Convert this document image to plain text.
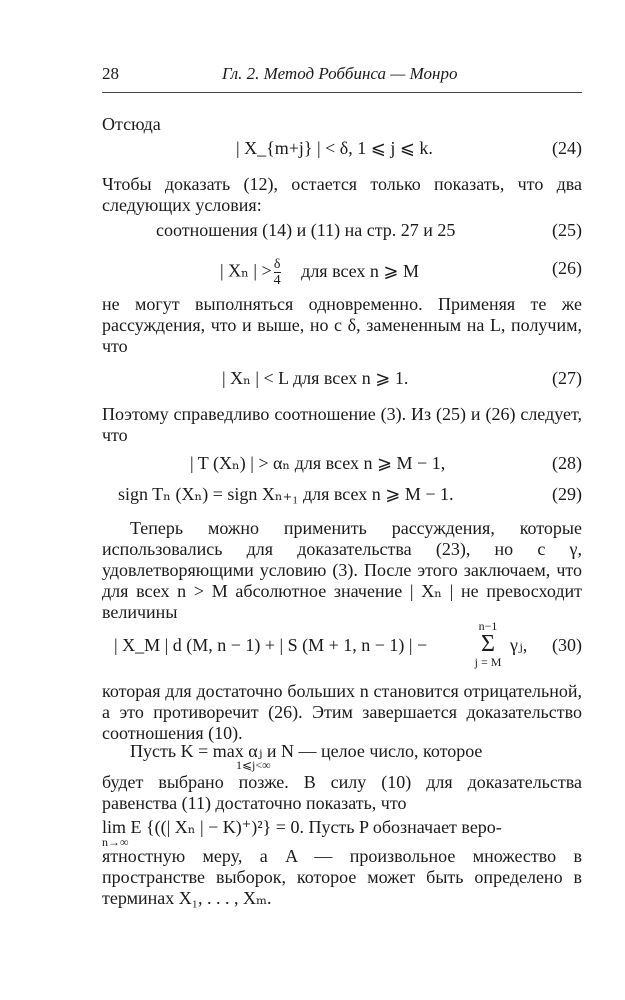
28	Гл. 2. Метод Роббинса — Монро

Отсюда

| X_{m+j} | < δ, 1 ⩽ j ⩽ k.	(24)

Чтобы доказать (12), остается только показать, что два следующих условия:

соотношения (14) и (11) на стр. 27 и 25	(25)
| Xₙ | > $\frac{\delta}{4}$ для всех n ⩾ M	(26)

не могут выполняться одновременно. Применяя те же рассуждения, что и выше, но с δ, замененным на L, получим, что

| Xₙ | < L для всех n ⩾ 1.	(27)

Поэтому справедливо соотношение (3). Из (25) и (26) следует, что

| T (Xₙ) | > αₙ для всех n ⩾ M − 1,	(28)
sign Tₙ (Xₙ) = sign Xₙ₊₁ для всех n ⩾ M − 1.	(29)

Теперь можно применить рассуждения, которые использовались для доказательства (23), но с γ, удовлетворяющими условию (3). После этого заключаем, что для всех n > M абсолютное значение | Xₙ | не превосходит величины

| X_M | d (M, n − 1) + | S (M + 1, n − 1) | −
n−1
Σ
j = M
γⱼ, (30)

которая для достаточно больших n становится отрицательной, а это противоречит (26). Этим завершается доказательство соотношения (10).

Пусть K = max αⱼ и N — целое число, которое
1⩽j<∞

будет выбрано позже. В силу (10) для доказательства равенства (11) достаточно показать, что

lim E {((| Xₙ | − K)⁺)²} = 0. Пусть P обозначает веро-
n→∞

ятностную меру, а A — произвольное множество в пространстве выборок, которое может быть определено в терминах X₁, . . . , Xₘ.
